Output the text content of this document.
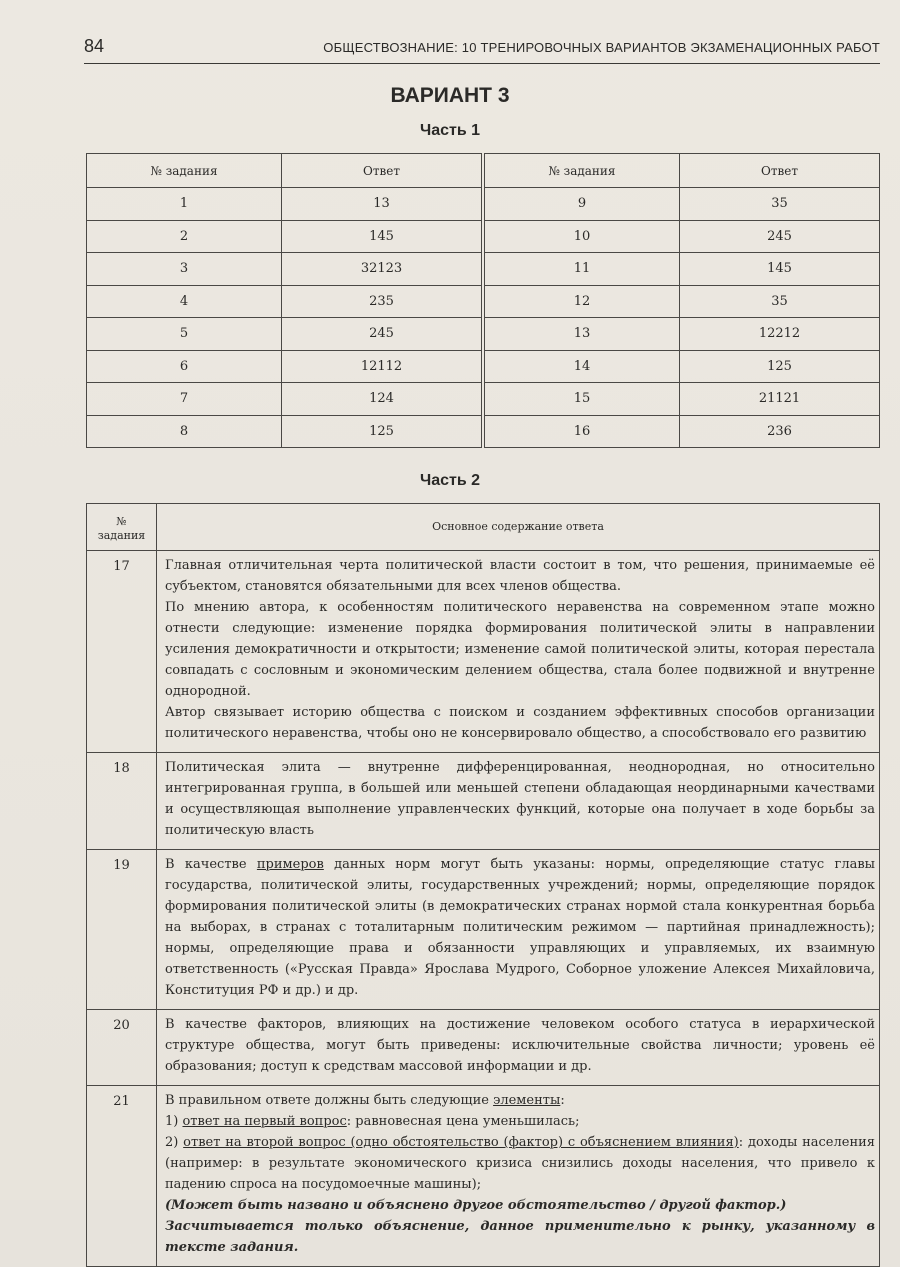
84	ОБЩЕСТВОЗНАНИЕ: 10 ТРЕНИРОВОЧНЫХ ВАРИАНТОВ ЭКЗАМЕНАЦИОННЫХ РАБОТ
ВАРИАНТ 3
Часть 1
№ задания	Ответ		№ задания	Ответ
1	13		9	35
2	145		10	245
3	32123		11	145
4	235		12	35
5	245		13	12212
6	12112		14	125
7	124		15	21121
8	125		16	236
Часть 2
№
задания	Основное содержание ответа
17	Главная отличительная черта политической власти состоит в том, что решения, принимаемые её субъектом, становятся обязательными для всех членов общества.
По мнению автора, к особенностям политического неравенства на современном этапе можно отнести следующие: изменение порядка формирования политической элиты в направлении усиления демократичности и открытости; изменение самой политической элиты, которая перестала совпадать с сословным и экономическим делением общества, стала более подвижной и внутренне однородной.
Автор связывает историю общества с поиском и созданием эффективных способов организации политического неравенства, чтобы оно не консервировало общество, а способствовало его развитию

18	Политическая элита — внутренне дифференцированная, неоднородная, но относительно интегрированная группа, в большей или меньшей степени обладающая неординарными качествами и осуществляющая выполнение управленческих функций, которые она получает в ходе борьбы за политическую власть
19	В качестве примеров данных норм могут быть указаны: нормы, определяющие статус главы государства, политической элиты, государственных учреждений; нормы, определяющие порядок формирования политической элиты (в демократических странах нормой стала конкурентная борьба на выборах, в странах с тоталитарным политическим режимом — партийная принадлежность); нормы, определяющие права и обязанности управляющих и управляемых, их взаимную ответственность («Русская Правда» Ярослава Мудрого, Соборное уложение Алексея Михайловича, Конституция РФ и др.) и др.
20	В качестве факторов, влияющих на достижение человеком особого статуса в иерархической структуре общества, могут быть приведены: исключительные свойства личности; уровень её образования; доступ к средствам массовой информации и др.
21	В правильном ответе должны быть следующие элементы:
1) ответ на первый вопрос: равновесная цена уменьшилась;
2) ответ на второй вопрос (одно обстоятельство (фактор) с объяснением влияния): доходы населения (например: в результате экономического кризиса снизились доходы населения, что привело к падению спроса на посудомоечные машины);
(Может быть названо и объяснено другое обстоятельство / другой фактор.)
Засчитывается только объяснение, данное применительно к рынку, указанному в тексте задания.
